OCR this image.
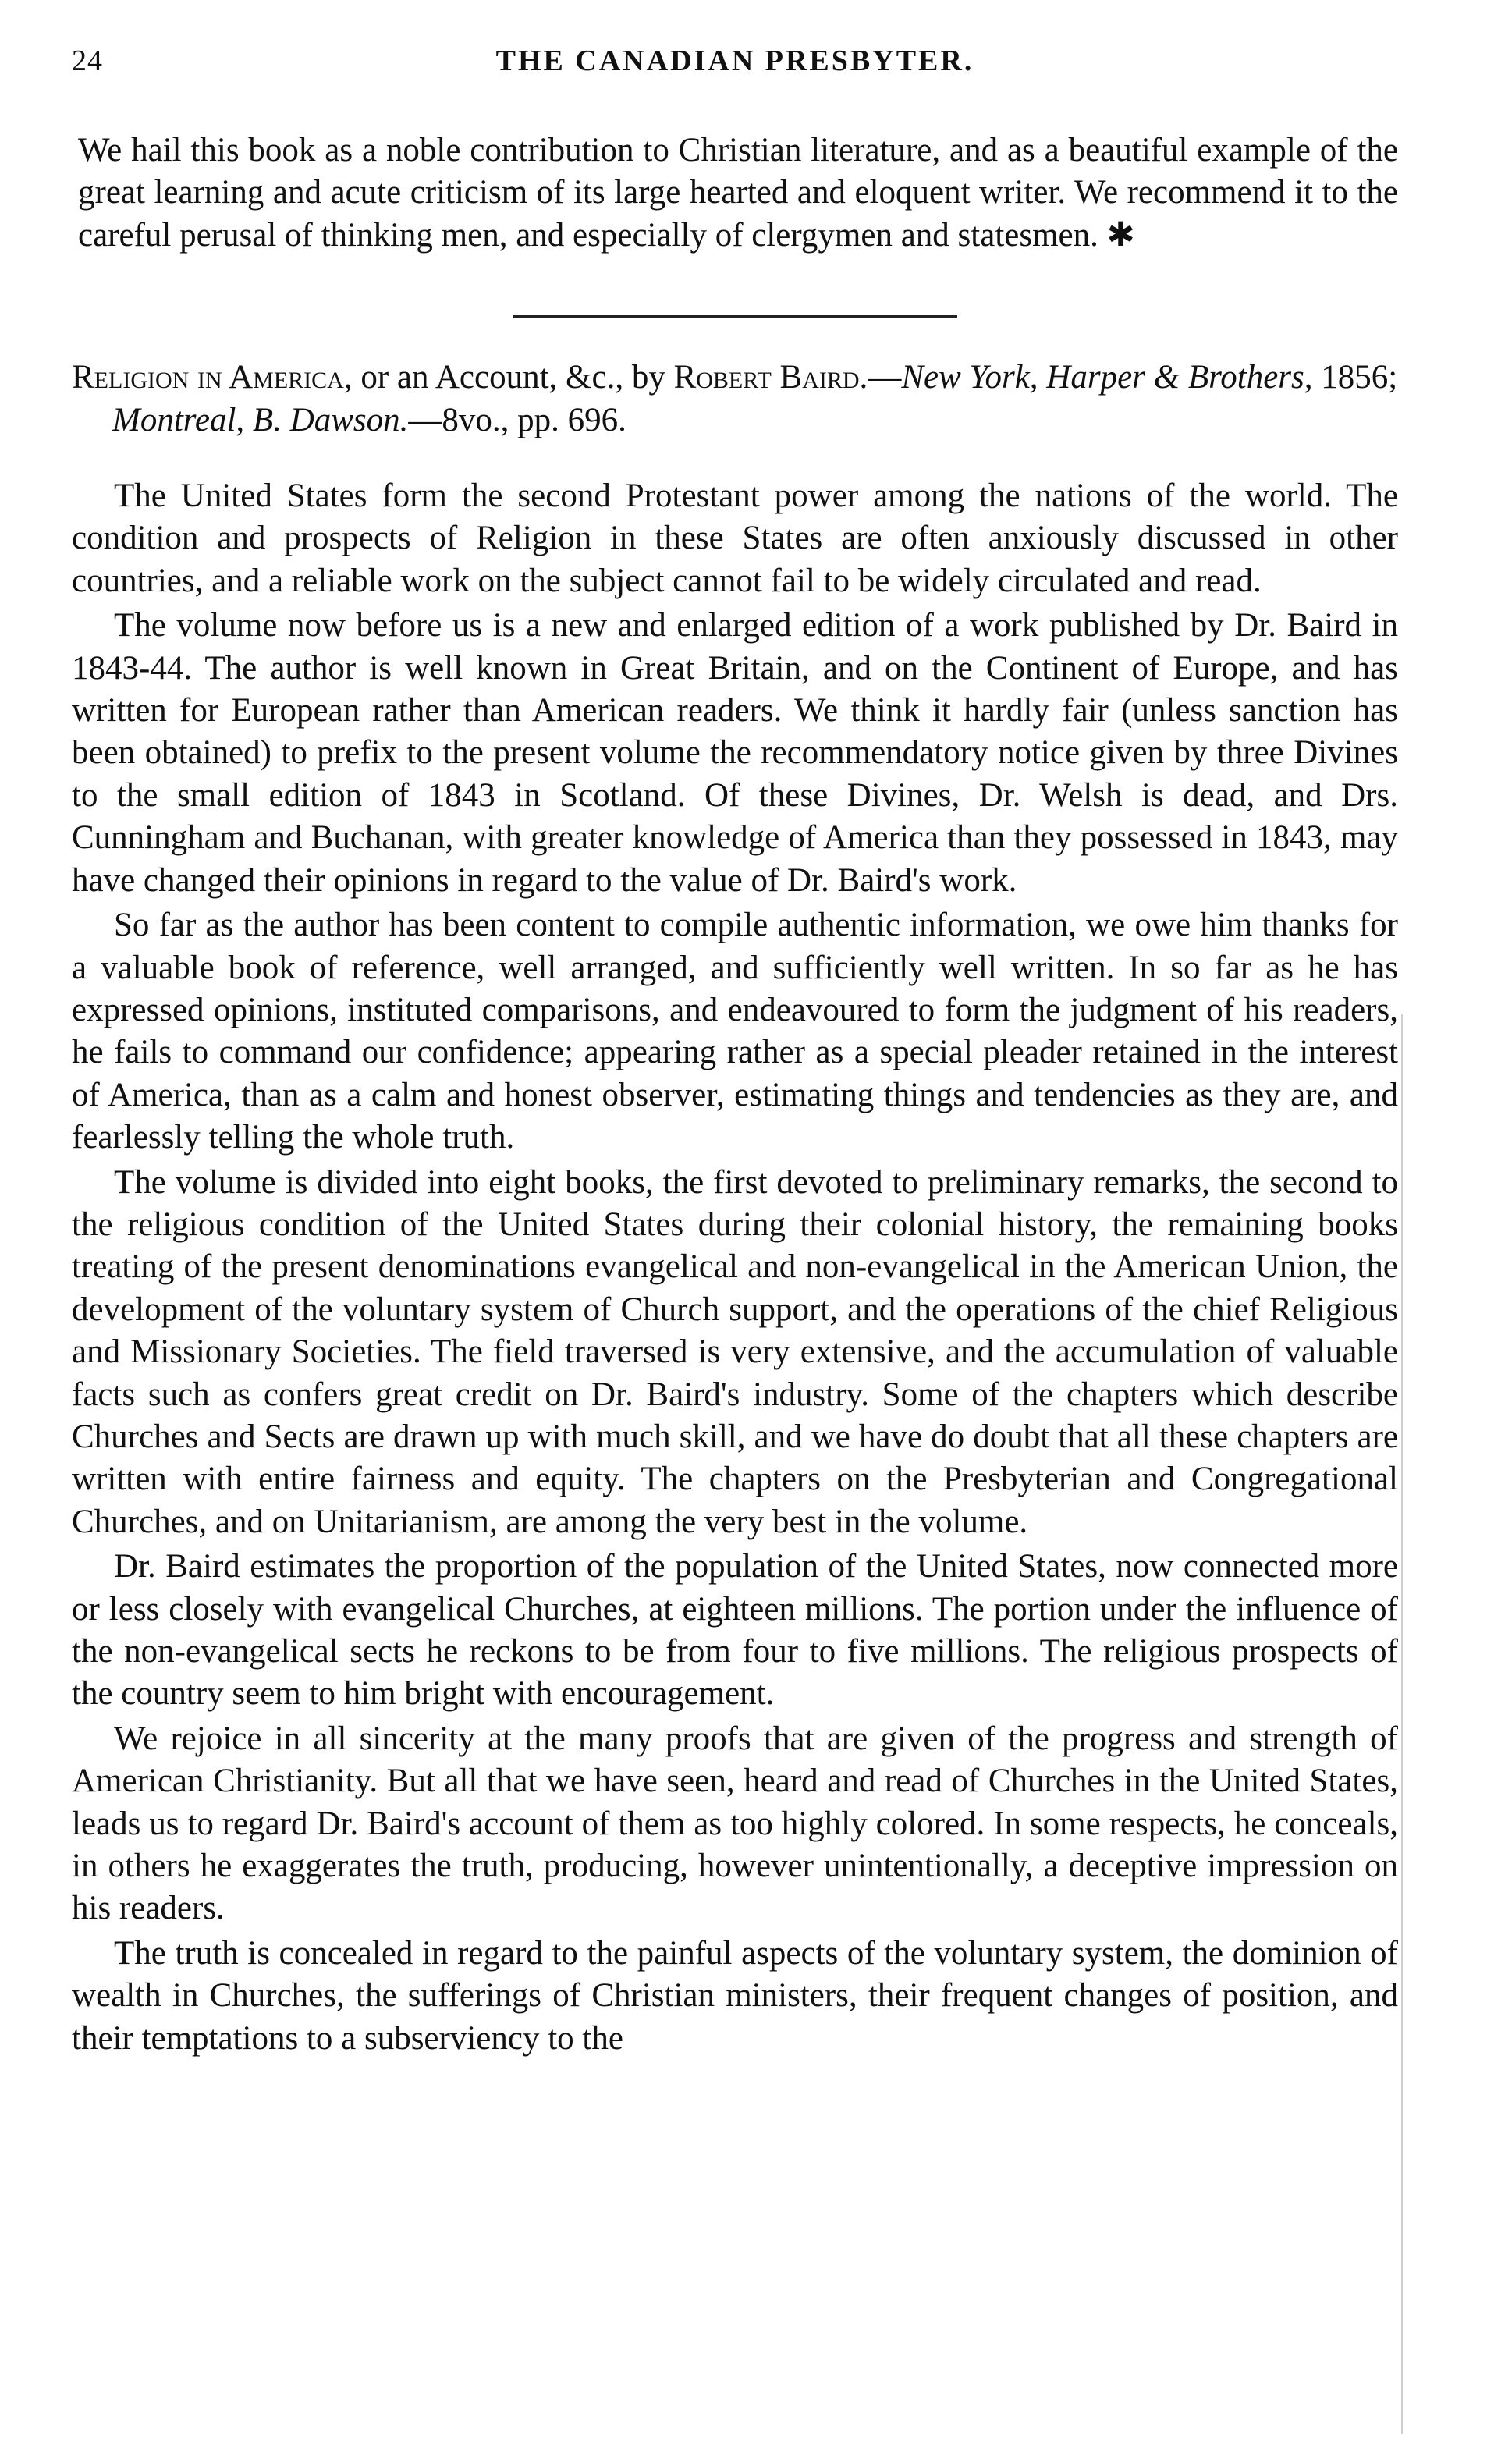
24	THE CANADIAN PRESBYTER.

We hail this book as a noble contribution to Christian literature, and as a beautiful example of the great learning and acute criticism of its large hearted and eloquent writer. We recommend it to the careful perusal of thinking men, and especially of clergymen and statesmen. ✱

Religion in America, or an Account, &c., by Robert Baird.—New York, Harper & Brothers, 1856; Montreal, B. Dawson.—8vo., pp. 696.

The United States form the second Protestant power among the nations of the world. The condition and prospects of Religion in these States are often anxiously discussed in other countries, and a reliable work on the subject cannot fail to be widely circulated and read.

The volume now before us is a new and enlarged edition of a work published by Dr. Baird in 1843-44. The author is well known in Great Britain, and on the Continent of Europe, and has written for European rather than American readers. We think it hardly fair (unless sanction has been obtained) to prefix to the present volume the recommendatory notice given by three Divines to the small edition of 1843 in Scotland. Of these Divines, Dr. Welsh is dead, and Drs. Cunningham and Buchanan, with greater knowledge of America than they possessed in 1843, may have changed their opinions in regard to the value of Dr. Baird's work.

So far as the author has been content to compile authentic information, we owe him thanks for a valuable book of reference, well arranged, and sufficiently well written. In so far as he has expressed opinions, instituted comparisons, and endeavoured to form the judgment of his readers, he fails to command our confidence; appearing rather as a special pleader retained in the interest of America, than as a calm and honest observer, estimating things and tendencies as they are, and fearlessly telling the whole truth.

The volume is divided into eight books, the first devoted to preliminary remarks, the second to the religious condition of the United States during their colonial history, the remaining books treating of the present denominations evangelical and non-evangelical in the American Union, the development of the voluntary system of Church support, and the operations of the chief Religious and Missionary Societies. The field traversed is very extensive, and the accumulation of valuable facts such as confers great credit on Dr. Baird's industry. Some of the chapters which describe Churches and Sects are drawn up with much skill, and we have do doubt that all these chapters are written with entire fairness and equity. The chapters on the Presbyterian and Congregational Churches, and on Unitarianism, are among the very best in the volume.

Dr. Baird estimates the proportion of the population of the United States, now connected more or less closely with evangelical Churches, at eighteen millions. The portion under the influence of the non-evangelical sects he reckons to be from four to five millions. The religious prospects of the country seem to him bright with encouragement.

We rejoice in all sincerity at the many proofs that are given of the progress and strength of American Christianity. But all that we have seen, heard and read of Churches in the United States, leads us to regard Dr. Baird's account of them as too highly colored. In some respects, he conceals, in others he exaggerates the truth, producing, however unintentionally, a deceptive impression on his readers.

The truth is concealed in regard to the painful aspects of the voluntary system, the dominion of wealth in Churches, the sufferings of Christian ministers, their frequent changes of position, and their temptations to a subserviency to the
